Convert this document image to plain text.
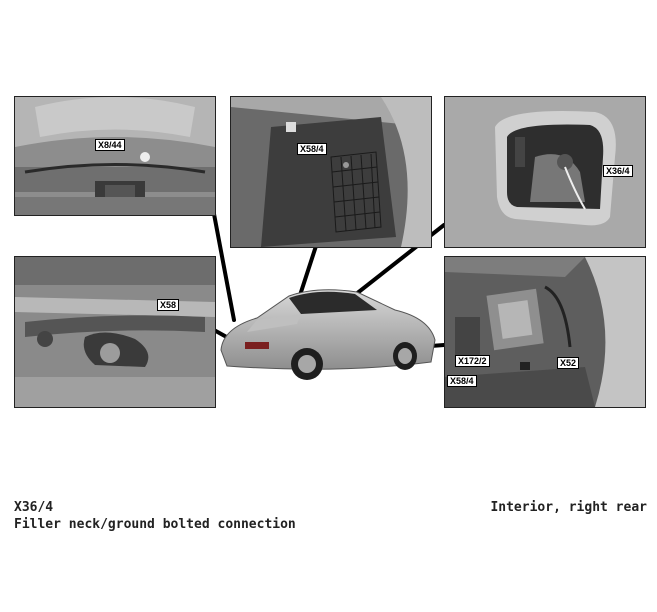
X8/44	X58/4
X36/4
X58
X172/2	X52
X58/4
X36/4
Filler neck/ground bolted connection
Interior, right rear
